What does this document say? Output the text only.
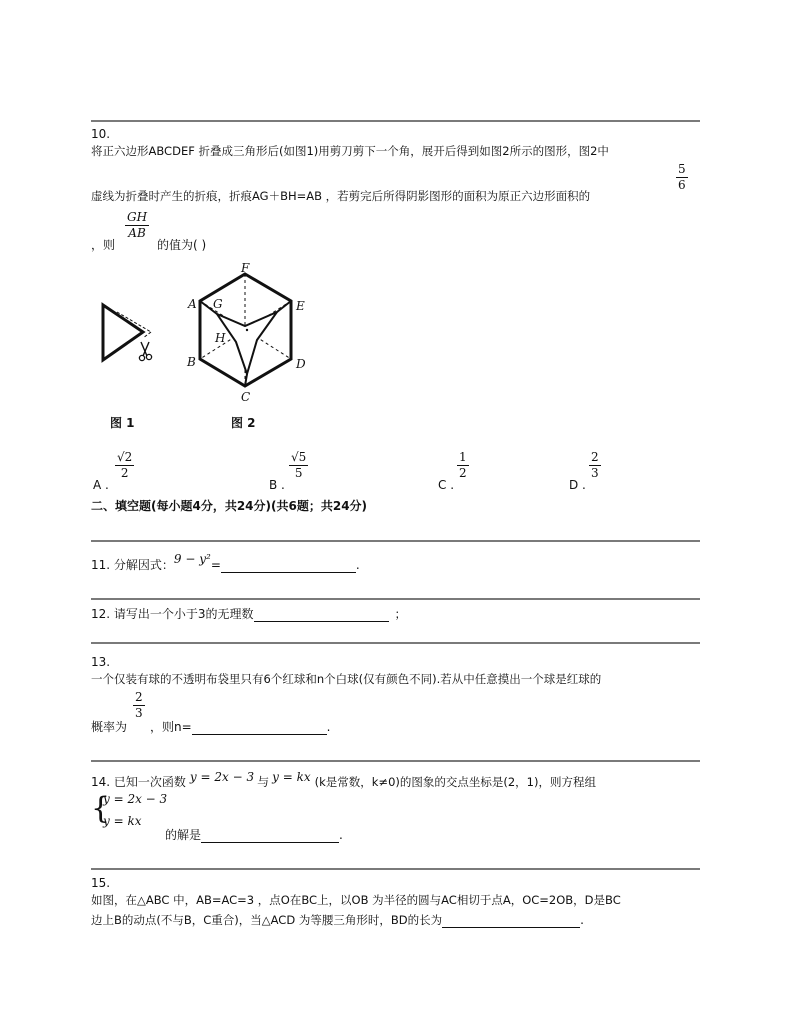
10.
将正六边形ABCDEF 折叠成三角形后(如图1)用剪刀剪下一个角，展开后得到如图2所示的图形，图2中
虚线为折叠时产生的折痕，折痕AG＋BH=AB ，若剪完后所得阴影图形的面积为原正六边形面积的
$\frac{5}{6}$
，则
$\frac{GH}{AB}$
的值为( )
F
A G	E
H
B	D
C
图 1	图 2
A .
$\frac{√2}{2}$
B .
$\frac{√5}{5}$
C .
$\frac{1}{2}$
D .
$\frac{2}{3}$
二、填空题(每小题4分，共24分)(共6题；共24分)
11. 分解因式：9 − y²=	.
12. 请写出一个小于3的无理数	；
13.
一个仅装有球的不透明布袋里只有6个红球和n个白球(仅有颜色不同).若从中任意摸出一个球是红球的
概率为
$\frac{2}{3}$
，则n=	.
14. 已知一次函数 y = 2x − 3 与 y = kx (k是常数，k≠0)的图象的交点坐标是(2，1)，则方程组
{
y = 2x − 3
y = kx
的解是	.
15.
如图，在△ABC 中，AB=AC=3 ，点O在BC上，以OB 为半径的圆与AC相切于点A，OC=2OB，D是BC
边上B的动点(不与B，C重合)，当△ACD 为等腰三角形时，BD的长为	.
